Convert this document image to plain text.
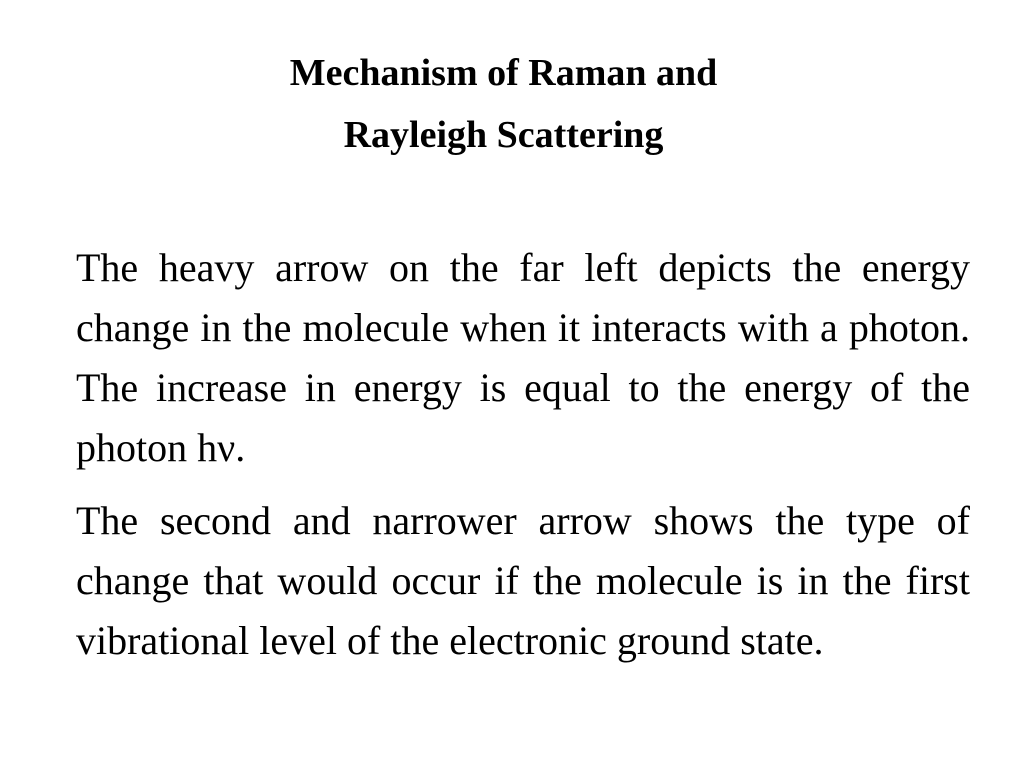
Mechanism of Raman and
Rayleigh Scattering

The heavy arrow on the far left depicts the energy change in the molecule when it interacts with a photon. The increase in energy is equal to the energy of the photon hν.

The second and narrower arrow shows the type of change that would occur if the molecule is in the first vibrational level of the electronic ground state.
